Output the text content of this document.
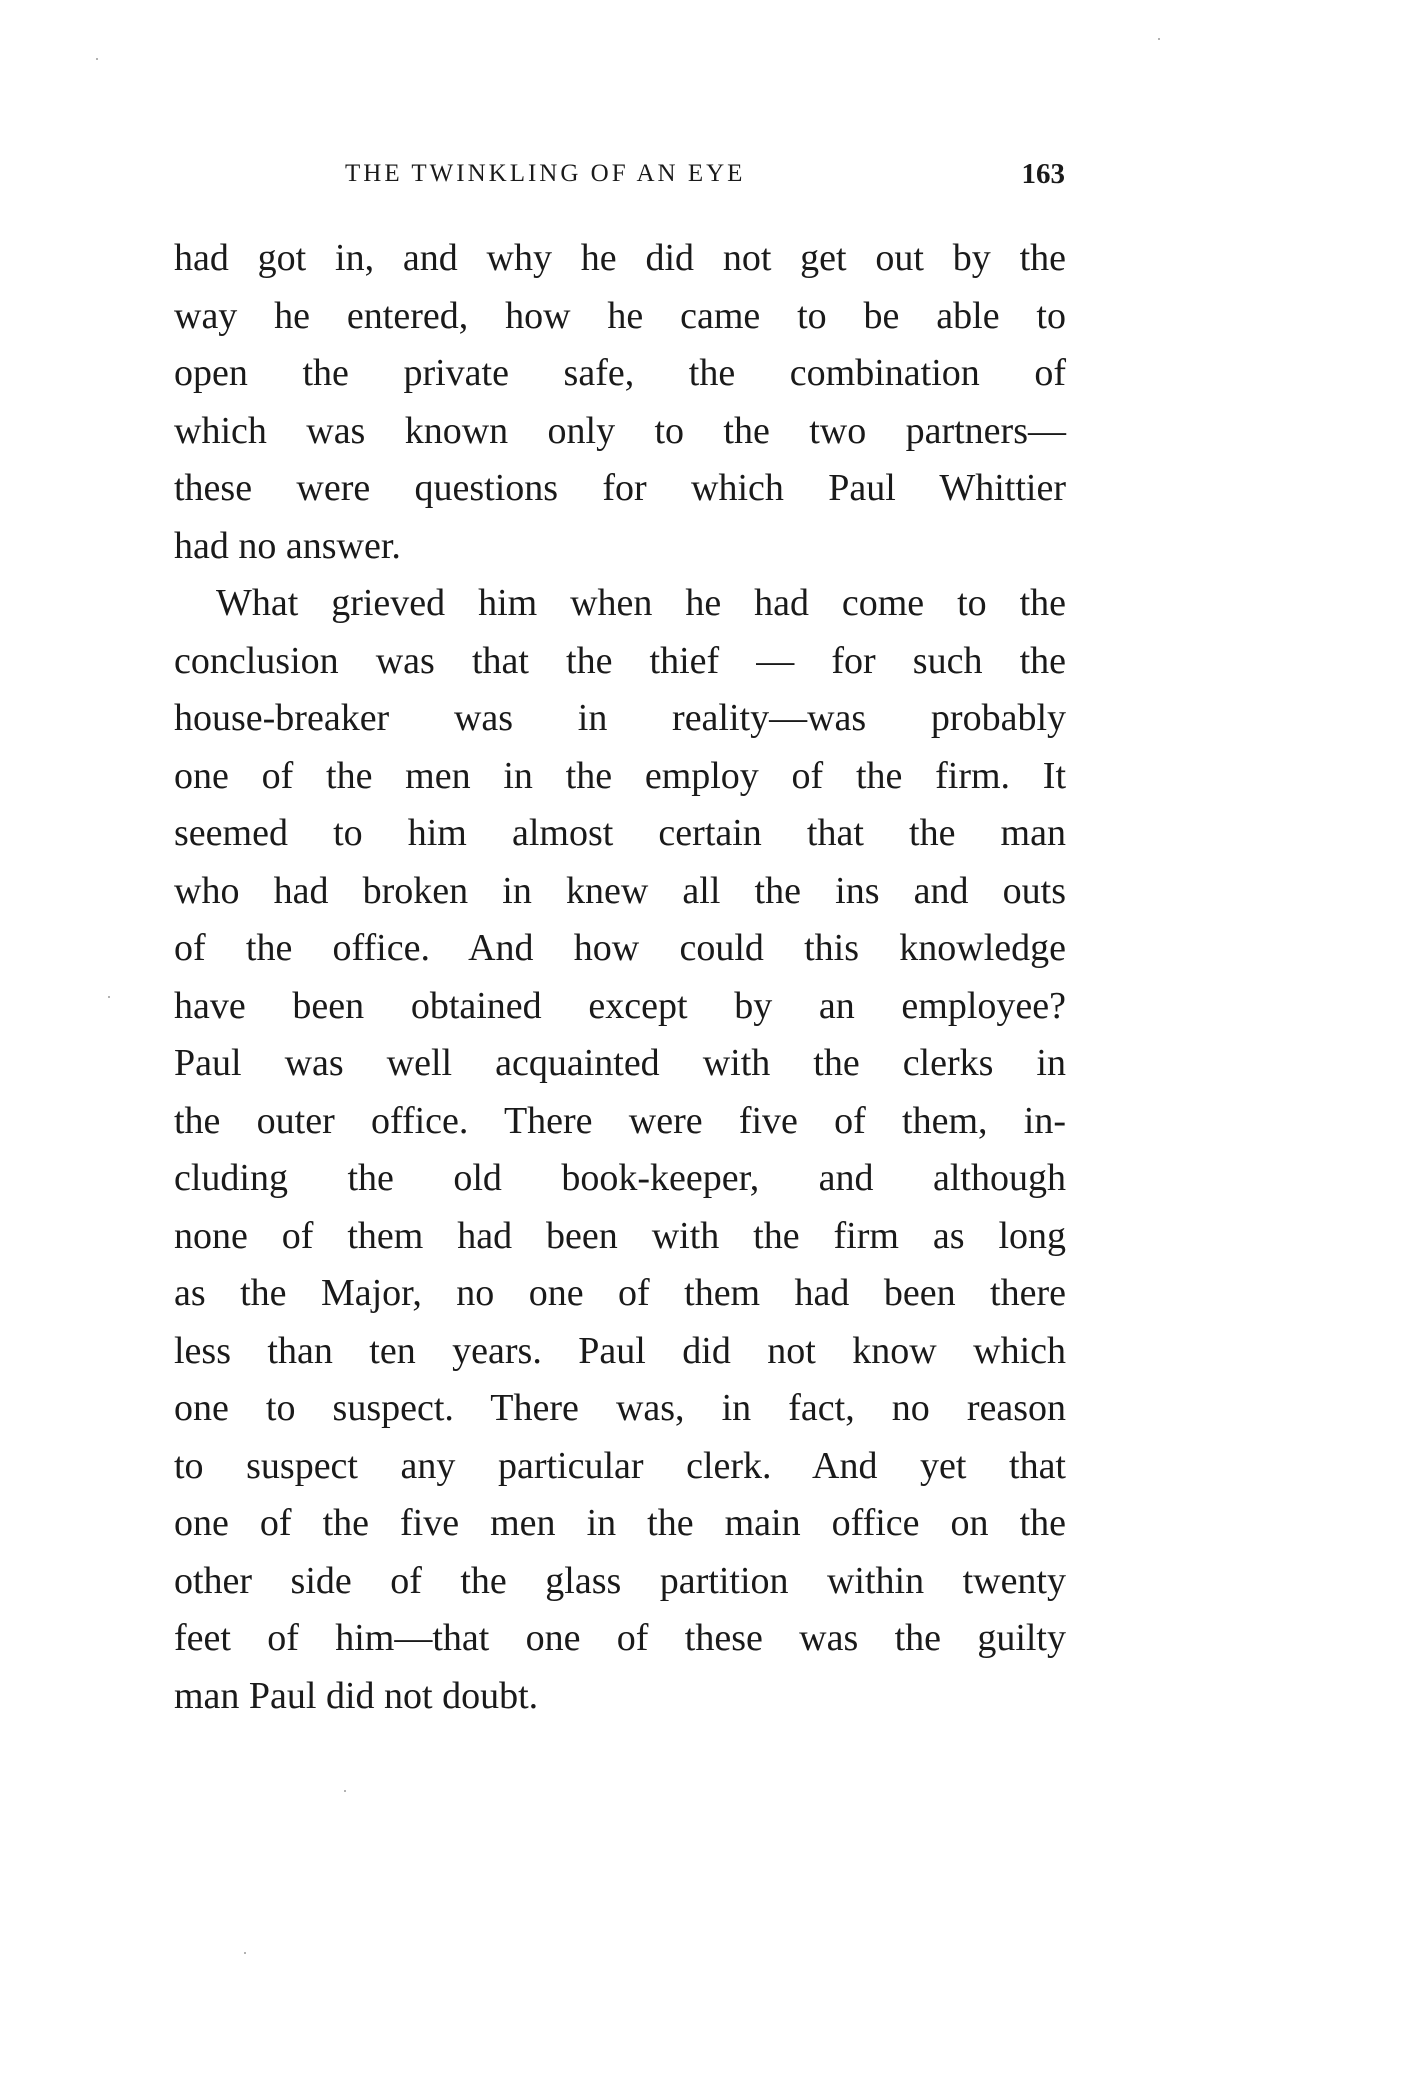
THE TWINKLING OF AN EYE	163
had got in, and why he did not get out by the
way he entered, how he came to be able to
open the private safe, the combination of
which was known only to the two partners—
these were questions for which Paul Whittier
had no answer.
What grieved him when he had come to the
conclusion was that the thief — for such the
house-breaker was in reality—was probably
one of the men in the employ of the firm. It
seemed to him almost certain that the man
who had broken in knew all the ins and outs
of the office. And how could this knowledge
have been obtained except by an employee?
Paul was well acquainted with the clerks in
the outer office. There were five of them, in-
cluding the old book-keeper, and although
none of them had been with the firm as long
as the Major, no one of them had been there
less than ten years. Paul did not know which
one to suspect. There was, in fact, no reason
to suspect any particular clerk. And yet that
one of the five men in the main office on the
other side of the glass partition within twenty
feet of him—that one of these was the guilty
man Paul did not doubt.
